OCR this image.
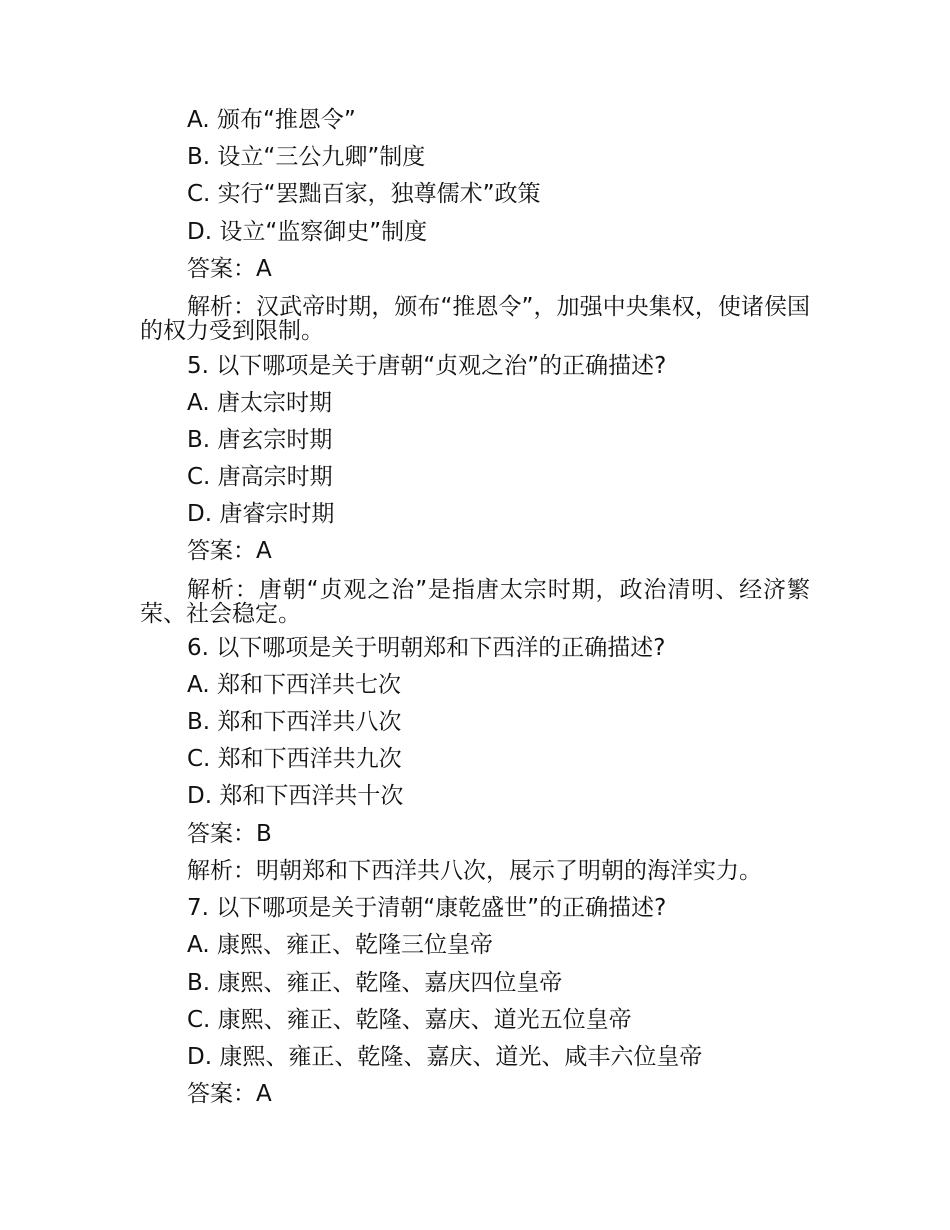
A. 颁布“推恩令”
B. 设立“三公九卿”制度
C. 实行“罢黜百家，独尊儒术”政策
D. 设立“监察御史”制度
答案：A
解析：汉武帝时期，颁布“推恩令”，加强中央集权，使诸侯国的权力受到限制。
5. 以下哪项是关于唐朝“贞观之治”的正确描述?
A. 唐太宗时期
B. 唐玄宗时期
C. 唐高宗时期
D. 唐睿宗时期
答案：A
解析：唐朝“贞观之治”是指唐太宗时期，政治清明、经济繁荣、社会稳定。
6. 以下哪项是关于明朝郑和下西洋的正确描述?
A. 郑和下西洋共七次
B. 郑和下西洋共八次
C. 郑和下西洋共九次
D. 郑和下西洋共十次
答案：B
解析：明朝郑和下西洋共八次，展示了明朝的海洋实力。
7. 以下哪项是关于清朝“康乾盛世”的正确描述?
A. 康熙、雍正、乾隆三位皇帝
B. 康熙、雍正、乾隆、嘉庆四位皇帝
C. 康熙、雍正、乾隆、嘉庆、道光五位皇帝
D. 康熙、雍正、乾隆、嘉庆、道光、咸丰六位皇帝
答案：A
